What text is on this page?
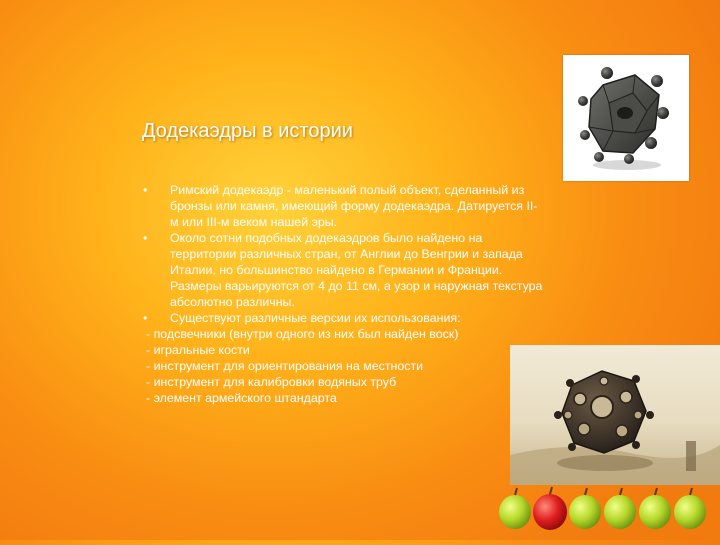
Додекаэдры в истории

• Римский додекаэдр - маленький полый объект, сделанный из бронзы или камня, имеющий форму додекаэдра. Датируется II-м или III-м веком нашей эры.

• Около сотни подобных додекаэдров было найдено на территории различных стран, от Англии до Венгрии и запада Италии, но большинство найдено в Германии и Франции. Размеры варьируются от 4 до 11 см, а узор и наружная текстура абсолютно различны.

• Существуют различные версии их использования:

- подсвечники (внутри одного из них был найден воск)

- игральные кости

- инструмент для ориентирования на местности

- инструмент для калибровки водяных труб

- элемент армейского штандарта
